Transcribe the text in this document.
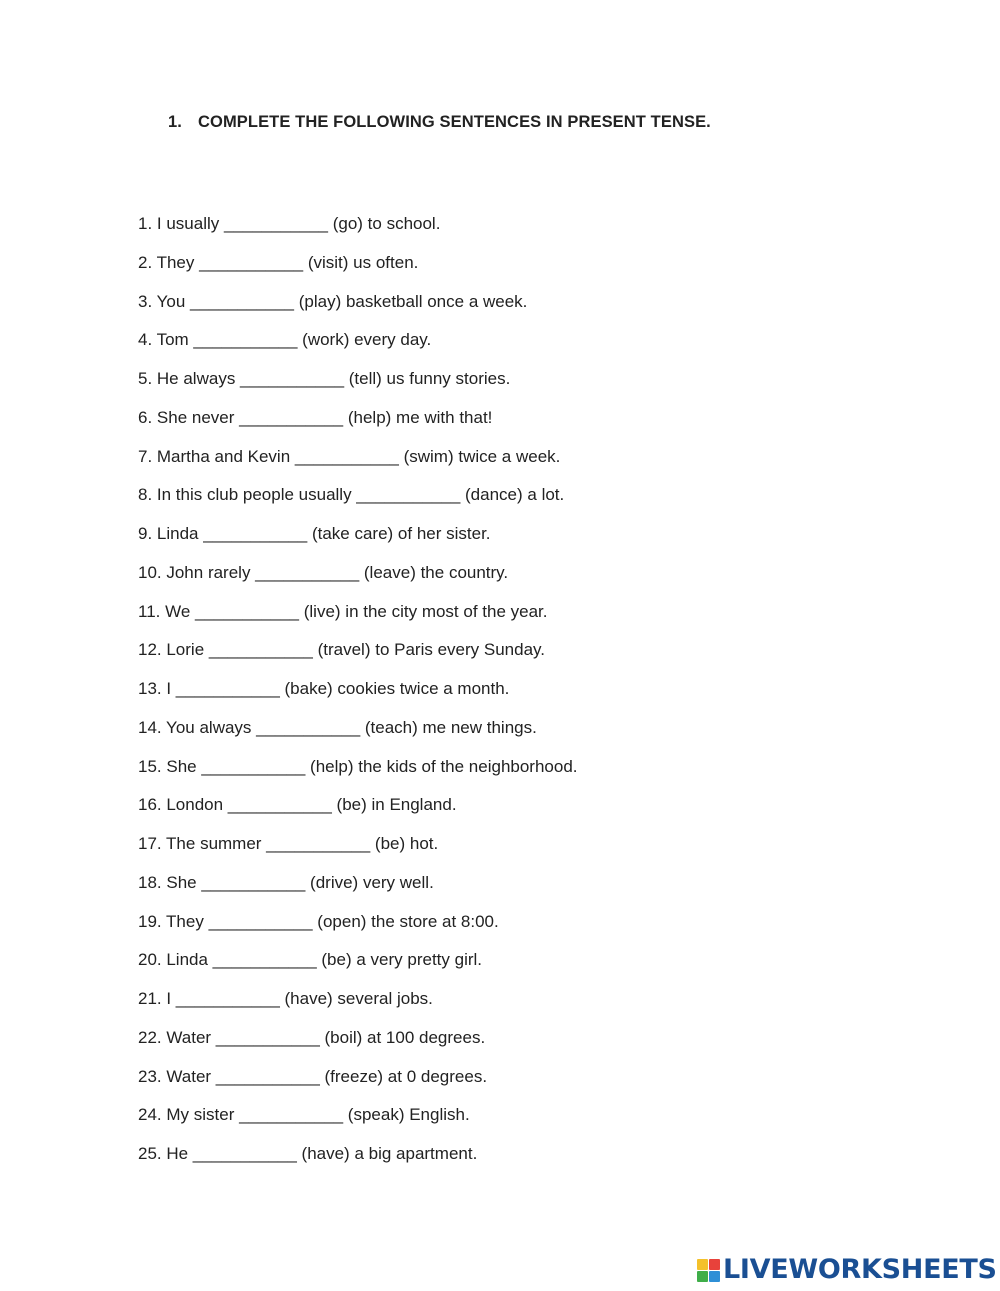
1. COMPLETE THE FOLLOWING SENTENCES IN PRESENT TENSE.
1. I usually ___________ (go) to school.
2. They ___________ (visit) us often.
3. You ___________ (play) basketball once a week.
4. Tom ___________ (work) every day.
5. He always ___________ (tell) us funny stories.
6. She never ___________ (help) me with that!
7. Martha and Kevin ___________ (swim) twice a week.
8. In this club people usually ___________ (dance) a lot.
9. Linda ___________ (take care) of her sister.
10. John rarely ___________ (leave) the country.
11. We ___________ (live) in the city most of the year.
12. Lorie ___________ (travel) to Paris every Sunday.
13. I ___________ (bake) cookies twice a month.
14. You always ___________ (teach) me new things.
15. She ___________ (help) the kids of the neighborhood.
16. London ___________ (be) in England.
17. The summer ___________ (be) hot.
18. She ___________ (drive) very well.
19. They ___________ (open) the store at 8:00.
20. Linda ___________ (be) a very pretty girl.
21. I ___________ (have) several jobs.
22. Water ___________ (boil) at 100 degrees.
23. Water ___________ (freeze) at 0 degrees.
24. My sister ___________ (speak) English.
25. He ___________ (have) a big apartment.
LIVEWORKSHEETS
